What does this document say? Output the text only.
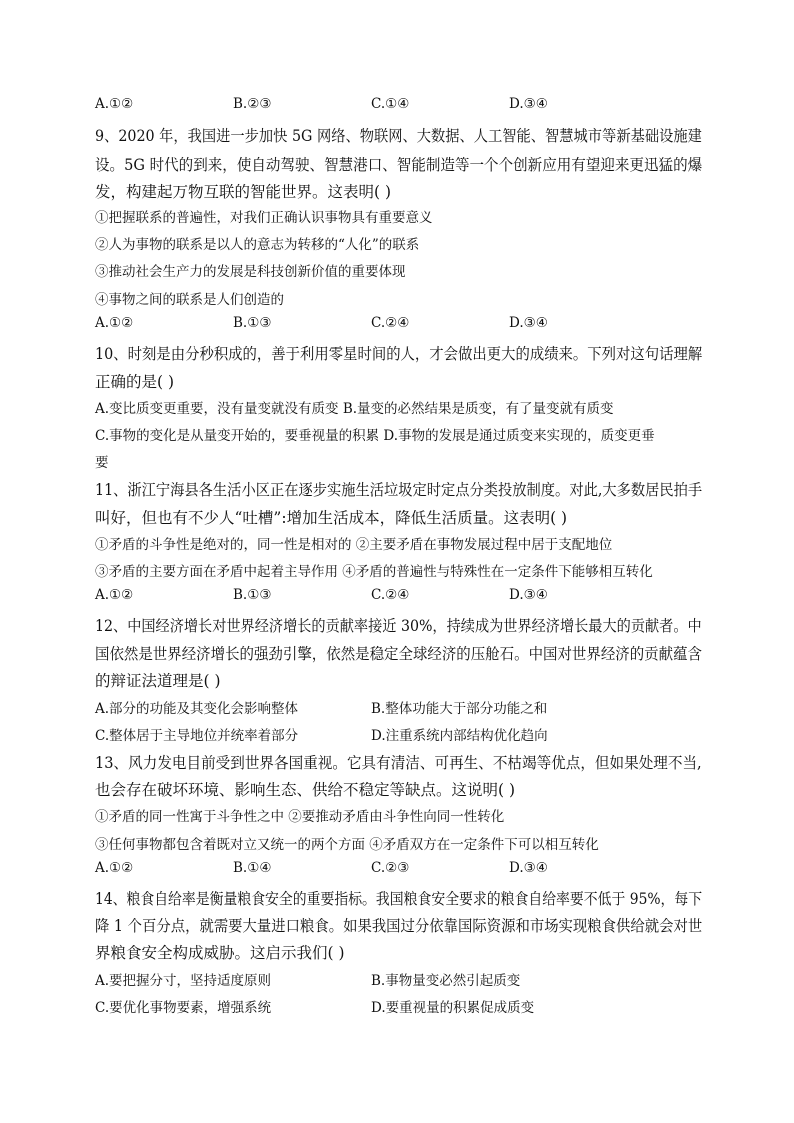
A.①②	B.②③	C.①④	D.③④
9、2020 年，我国进一步加快 5G 网络、物联网、大数据、人工智能、智慧城市等新基础设施建
设。5G 时代的到来，使自动驾驶、智慧港口、智能制造等一个个创新应用有望迎来更迅猛的爆
发，构建起万物互联的智能世界。这表明( )
①把握联系的普遍性，对我们正确认识事物具有重要意义
②人为事物的联系是以人的意志为转移的“人化”的联系
③推动社会生产力的发展是科技创新价值的重要体现
④事物之间的联系是人们创造的
A.①②	B.①③	C.②④	D.③④
10、时刻是由分秒积成的，善于利用零星时间的人，才会做出更大的成绩来。下列对这句话理解
正确的是( )
A.变比质变更重要，没有量变就没有质变 B.量变的必然结果是质变，有了量变就有质变
C.事物的变化是从量变开始的，要垂视量的积累 D.事物的发展是通过质变来实现的，质变更垂
要
11、浙江宁海县各生活小区正在逐步实施生活垃圾定时定点分类投放制度。对此,大多数居民拍手
叫好，但也有不少人“吐槽”:增加生活成本，降低生活质量。这表明( )
①矛盾的斗争性是绝对的，同一性是相对的 ②主要矛盾在事物发展过程中居于支配地位
③矛盾的主要方面在矛盾中起着主导作用 ④矛盾的普遍性与特殊性在一定条件下能够相互转化
A.①②	B.①③	C.②④	D.③④
12、中国经济增长对世界经济增长的贡献率接近 30%，持续成为世界经济增长最大的贡献者。中
国依然是世界经济增长的强劲引擎，依然是稳定全球经济的压舱石。中国对世界经济的贡献蕴含
的辩证法道理是( )
A.部分的功能及其变化会影响整体	B.整体功能大于部分功能之和
C.整体居于主导地位并统率着部分	D.注重系统内部结构优化趋向
13、风力发电目前受到世界各国重视。它具有清洁、可再生、不枯竭等优点，但如果处理不当,
也会存在破坏环境、影响生态、供给不稳定等缺点。这说明( )
①矛盾的同一性寓于斗争性之中 ②要推动矛盾由斗争性向同一性转化
③任何事物都包含着既对立又统一的两个方面 ④矛盾双方在一定条件下可以相互转化
A.①②	B.①④	C.②③	D.③④
14、粮食自给率是衡量粮食安全的重要指标。我国粮食安全要求的粮食自给率要不低于 95%，每下
降 1 个百分点，就需要大量进口粮食。如果我国过分依靠国际资源和市场实现粮食供给就会对世
界粮食安全构成威胁。这启示我们( )
A.要把握分寸，坚持适度原则	B.事物量变必然引起质变
C.要优化事物要素，增强系统	D.要重视量的积累促成质变
